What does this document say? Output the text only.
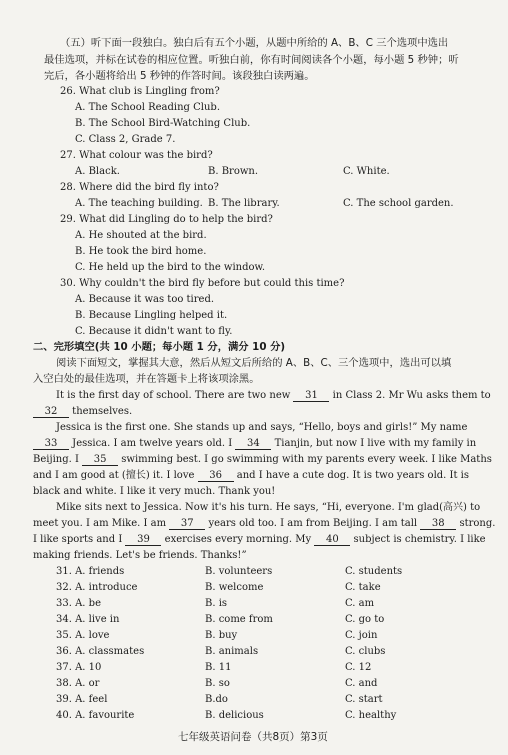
（五）听下面一段独白。独白后有五个小题，从题中所给的 A、B、C 三个选项中选出
最佳选项，并标在试卷的相应位置。听独白前，你有时间阅读各个小题，每小题 5 秒钟；听
完后，各小题将给出 5 秒钟的作答时间。该段独白读两遍。
26. What club is Lingling from?
A. The School Reading Club.
B. The School Bird-Watching Club.
C. Class 2, Grade 7.
27. What colour was the bird?
A. Black.	B. Brown.	C. White.
28. Where did the bird fly into?
A. The teaching building. B. The library.	C. The school garden.
29. What did Lingling do to help the bird?
A. He shouted at the bird.
B. He took the bird home.
C. He held up the bird to the window.
30. Why couldn't the bird fly before but could this time?
A. Because it was too tired.
B. Because Lingling helped it.
C. Because it didn't want to fly.
二、完形填空(共 10 小题；每小题 1 分，满分 10 分)
阅读下面短文，掌握其大意，然后从短文后所给的 A、B、C、三个选项中，选出可以填
入空白处的最佳选项，并在答题卡上将该项涂黑。
It is the first day of school. There are two new 31 in Class 2. Mr Wu asks them to
32 themselves.
Jessica is the first one. She stands up and says, “Hello, boys and girls!” My name
33 Jessica. I am twelve years old. I 34 Tianjin, but now I live with my family in
Beijing. I 35 swimming best. I go swimming with my parents every week. I like Maths
and I am good at (擅长) it. I love 36 and I have a cute dog. It is two years old. It is
black and white. I like it very much. Thank you!
Mike sits next to Jessica. Now it's his turn. He says, “Hi, everyone. I'm glad(高兴) to
meet you. I am Mike. I am 37 years old too. I am from Beijing. I am tall 38 strong.
I like sports and I 39 exercises every morning. My 40 subject is chemistry. I like
making friends. Let's be friends. Thanks!”
31. A. friends	B. volunteers	C. students
32. A. introduce	B. welcome	C. take
33. A. be	B. is	C. am
34. A. live in	B. come from	C. go to
35. A. love	B. buy	C. join
36. A. classmates	B. animals	C. clubs
37. A. 10	B. 11	C. 12
38. A. or	B. so	C. and
39. A. feel	B.do	C. start
40. A. favourite	B. delicious	C. healthy
七年级英语问卷（共8页）第3页
